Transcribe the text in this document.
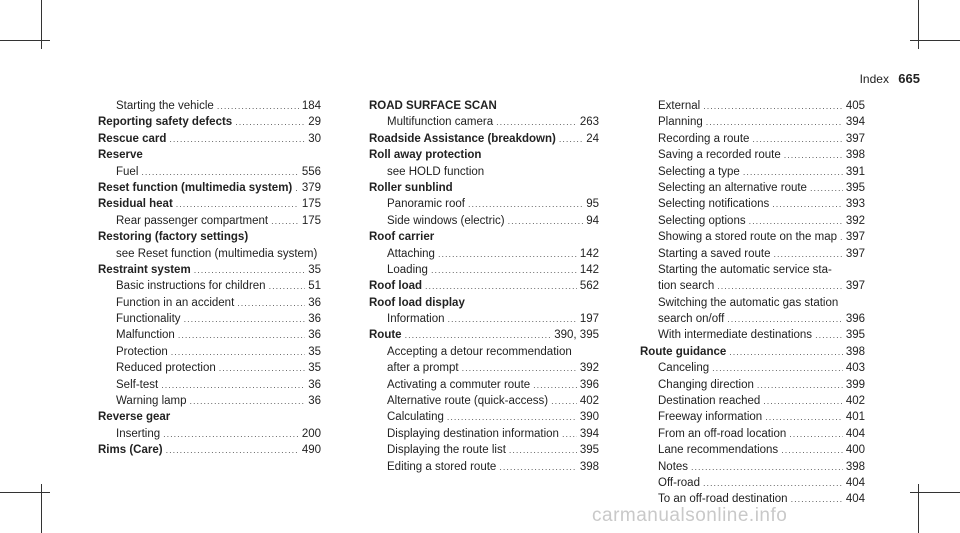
Index 665
Starting the vehicle .....	184
Reporting safety defects .....	29
Rescue card .....	30
Reserve
Fuel .....	556
Reset function (multimedia system) ..... 379
Residual heat .....	175
Rear passenger compartment .....	175
Restoring (factory settings)
see Reset function (multimedia system)
Restraint system .....	35
Basic instructions for children .....	51
Function in an accident .....	36
Functionality .....	36
Malfunction .....	36
Protection .....	35
Reduced protection .....	35
Self-test .....	36
Warning lamp .....	36
Reverse gear
Inserting .....	200
Rims (Care) .....	490
ROAD SURFACE SCAN
Multifunction camera .....	263
Roadside Assistance (breakdown) .....	24
Roll away protection
see HOLD function
Roller sunblind
Panoramic roof .....	95
Side windows (electric) .....	94
Roof carrier
Attaching .....	142
Loading .....	142
Roof load .....	562
Roof load display
Information .....	197
Route .....	390, 395
Accepting a detour recommendation
after a prompt .....	392
Activating a commuter route .....	396
Alternative route (quick-access) .....	402
Calculating .....	390
Displaying destination information ..... 394
Displaying the route list .....	395
Editing a stored route .....	398
External .....	405
Planning .....	394
Recording a route .....	397
Saving a recorded route .....	398
Selecting a type .....	391
Selecting an alternative route .....	395
Selecting notifications .....	393
Selecting options .....	392
Showing a stored route on the map ..... 397
Starting a saved route .....	397
Starting the automatic service sta-
tion search .....	397
Switching the automatic gas station
search on/off .....	396
With intermediate destinations .....	395
Route guidance .....	398
Canceling .....	403
Changing direction .....	399
Destination reached .....	402
Freeway information .....	401
From an off-road location .....	404
Lane recommendations .....	400
Notes .....	398
Off-road .....	404
To an off-road destination .....	404
carmanualsonline.info
